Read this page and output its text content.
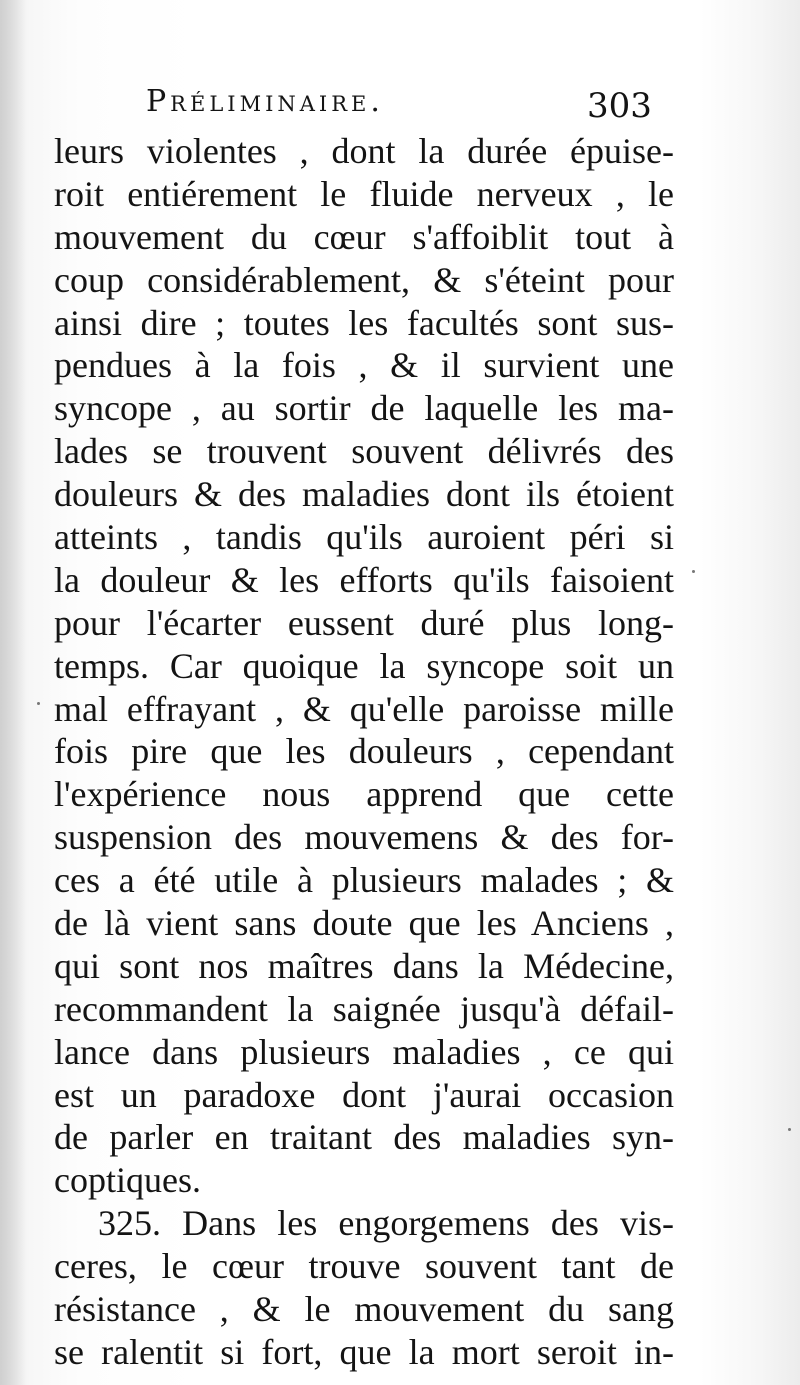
Préliminaire.	303
leurs violentes , dont la durée épuise-
roit entiérement le fluide nerveux , le
mouvement du cœur s'affoiblit tout à
coup considérablement, & s'éteint pour
ainsi dire ; toutes les facultés sont sus-
pendues à la fois , & il survient une
syncope , au sortir de laquelle les ma-
lades se trouvent souvent délivrés des
douleurs & des maladies dont ils étoient
atteints , tandis qu'ils auroient péri si
la douleur & les efforts qu'ils faisoient
pour l'écarter eussent duré plus long-
temps. Car quoique la syncope soit un
mal effrayant , & qu'elle paroisse mille
fois pire que les douleurs , cependant
l'expérience nous apprend que cette
suspension des mouvemens & des for-
ces a été utile à plusieurs malades ; &
de là vient sans doute que les Anciens ,
qui sont nos maîtres dans la Médecine,
recommandent la saignée jusqu'à défail-
lance dans plusieurs maladies , ce qui
est un paradoxe dont j'aurai occasion
de parler en traitant des maladies syn-
coptiques.
325. Dans les engorgemens des vis-
ceres, le cœur trouve souvent tant de
résistance , & le mouvement du sang
se ralentit si fort, que la mort seroit in-
